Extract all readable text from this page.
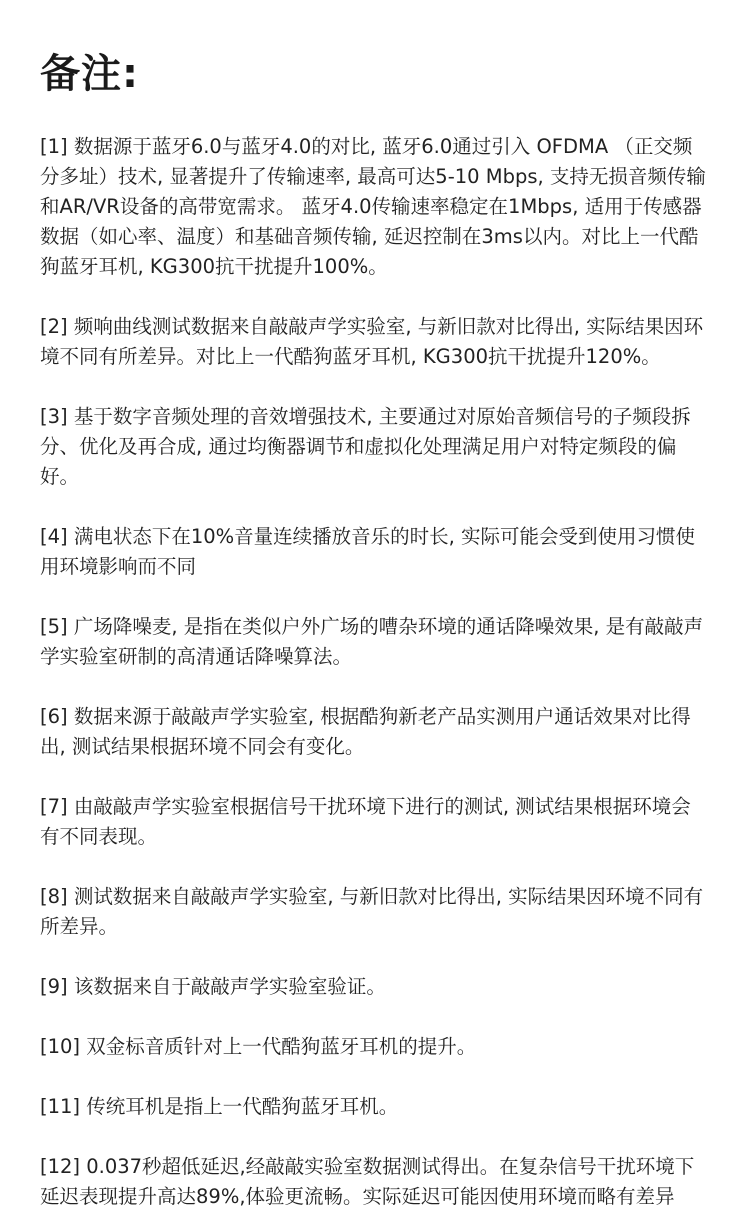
备注:
[1] 数据源于蓝牙6.0与蓝牙4.0的对比, 蓝牙6.0通过引入 OFDMA （正交频分多址）技术, 显著提升了传输速率, 最高可达5-10 Mbps, 支持无损音频传输和AR/VR设备的高带宽需求。 蓝牙4.0传输速率稳定在1Mbps, 适用于传感器数据（如心率、温度）和基础音频传输, 延迟控制在3ms以内。对比上一代酷狗蓝牙耳机, KG300抗干扰提升100%。
[2] 频响曲线测试数据来自敲敲声学实验室, 与新旧款对比得出, 实际结果因环境不同有所差异。对比上一代酷狗蓝牙耳机, KG300抗干扰提升120%。
[3] 基于数字音频处理的音效增强技术, 主要通过对原始音频信号的子频段拆分、优化及再合成, 通过均衡器调节和虚拟化处理满足用户对特定频段的偏好。
[4] 满电状态下在10%音量连续播放音乐的时长, 实际可能会受到使用习惯使用环境影响而不同
[5] 广场降噪麦, 是指在类似户外广场的嘈杂环境的通话降噪效果, 是有敲敲声学实验室研制的高清通话降噪算法。
[6] 数据来源于敲敲声学实验室, 根据酷狗新老产品实测用户通话效果对比得出, 测试结果根据环境不同会有变化。
[7] 由敲敲声学实验室根据信号干扰环境下进行的测试, 测试结果根据环境会有不同表现。
[8] 测试数据来自敲敲声学实验室, 与新旧款对比得出, 实际结果因环境不同有所差异。
[9] 该数据来自于敲敲声学实验室验证。
[10] 双金标音质针对上一代酷狗蓝牙耳机的提升。
[11] 传统耳机是指上一代酷狗蓝牙耳机。
[12] 0.037秒超低延迟,经敲敲实验室数据测试得出。在复杂信号干扰环境下延迟表现提升高达89%,体验更流畅。实际延迟可能因使用环境而略有差异
